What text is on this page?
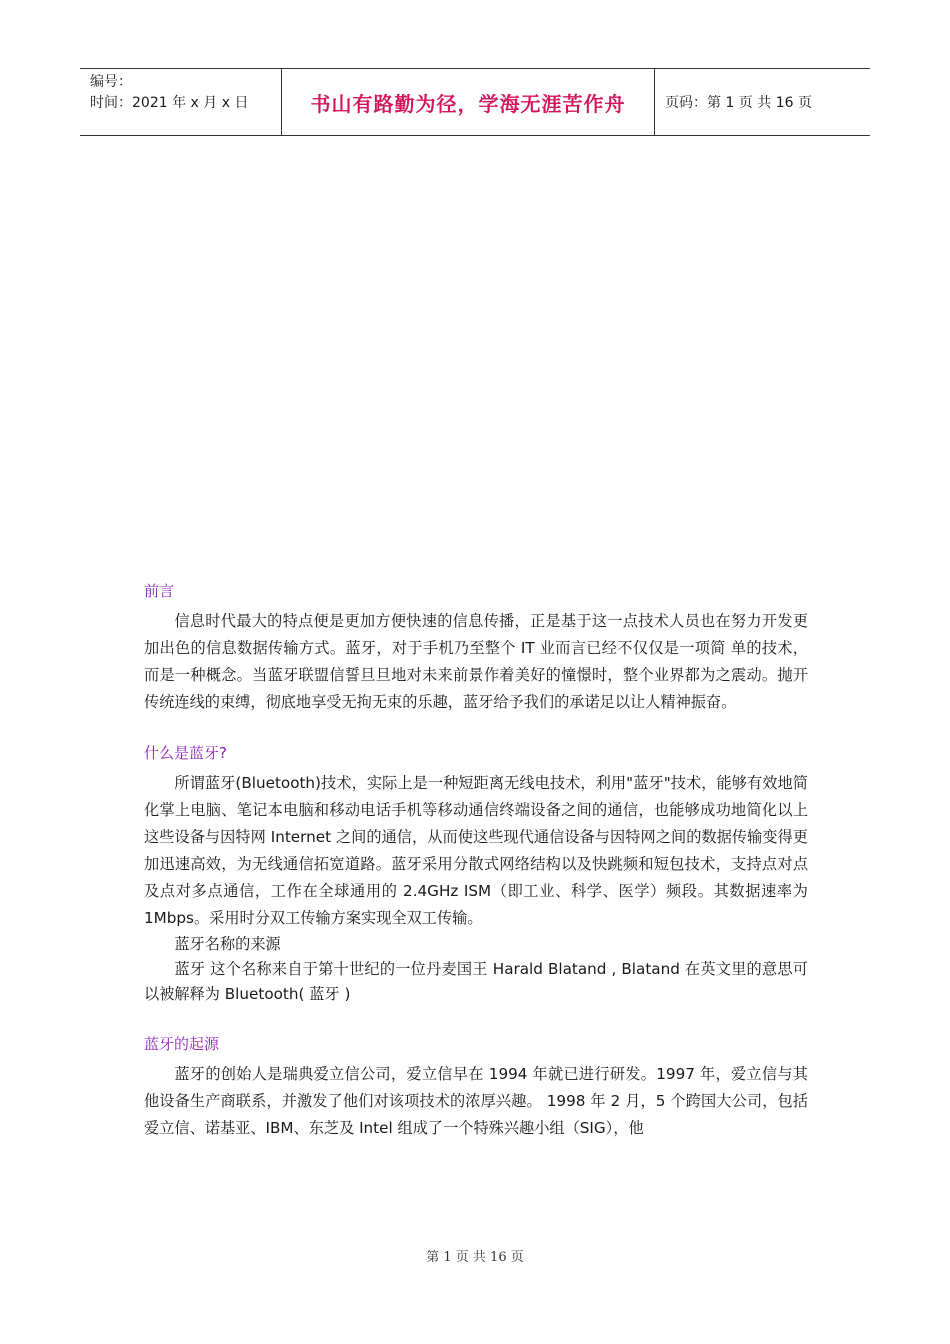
编号：
时间：2021 年 x 月 x 日	书山有路勤为径，学海无涯苦作舟	页码：第 1 页 共 16 页

前言

信息时代最大的特点便是更加方便快速的信息传播，正是基于这一点技术人员也在努力开发更加出色的信息数据传输方式。蓝牙，对于手机乃至整个 IT 业而言已经不仅仅是一项简 单的技术，而是一种概念。当蓝牙联盟信誓旦旦地对未来前景作着美好的憧憬时，整个业界都为之震动。抛开传统连线的束缚，彻底地享受无拘无束的乐趣，蓝牙给予我们的承诺足以让人精神振奋。

什么是蓝牙?

所谓蓝牙(Bluetooth)技术，实际上是一种短距离无线电技术，利用"蓝牙"技术，能够有效地简化掌上电脑、笔记本电脑和移动电话手机等移动通信终端设备之间的通信，也能够成功地简化以上这些设备与因特网 Internet 之间的通信，从而使这些现代通信设备与因特网之间的数据传输变得更加迅速高效，为无线通信拓宽道路。蓝牙采用分散式网络结构以及快跳频和短包技术，支持点对点及点对多点通信，工作在全球通用的 2.4GHz ISM（即工业、科学、医学）频段。其数据速率为 1Mbps。采用时分双工传输方案实现全双工传输。

蓝牙名称的来源

蓝牙 这个名称来自于第十世纪的一位丹麦国王 Harald Blatand , Blatand 在英文里的意思可以被解释为 Bluetooth( 蓝牙 )

蓝牙的起源

蓝牙的创始人是瑞典爱立信公司，爱立信早在 1994 年就已进行研发。1997 年，爱立信与其他设备生产商联系，并激发了他们对该项技术的浓厚兴趣。 1998 年 2 月，5 个跨国大公司，包括爱立信、诺基亚、IBM、东芝及 Intel 组成了一个特殊兴趣小组（SIG），他

第 1 页 共 16 页
